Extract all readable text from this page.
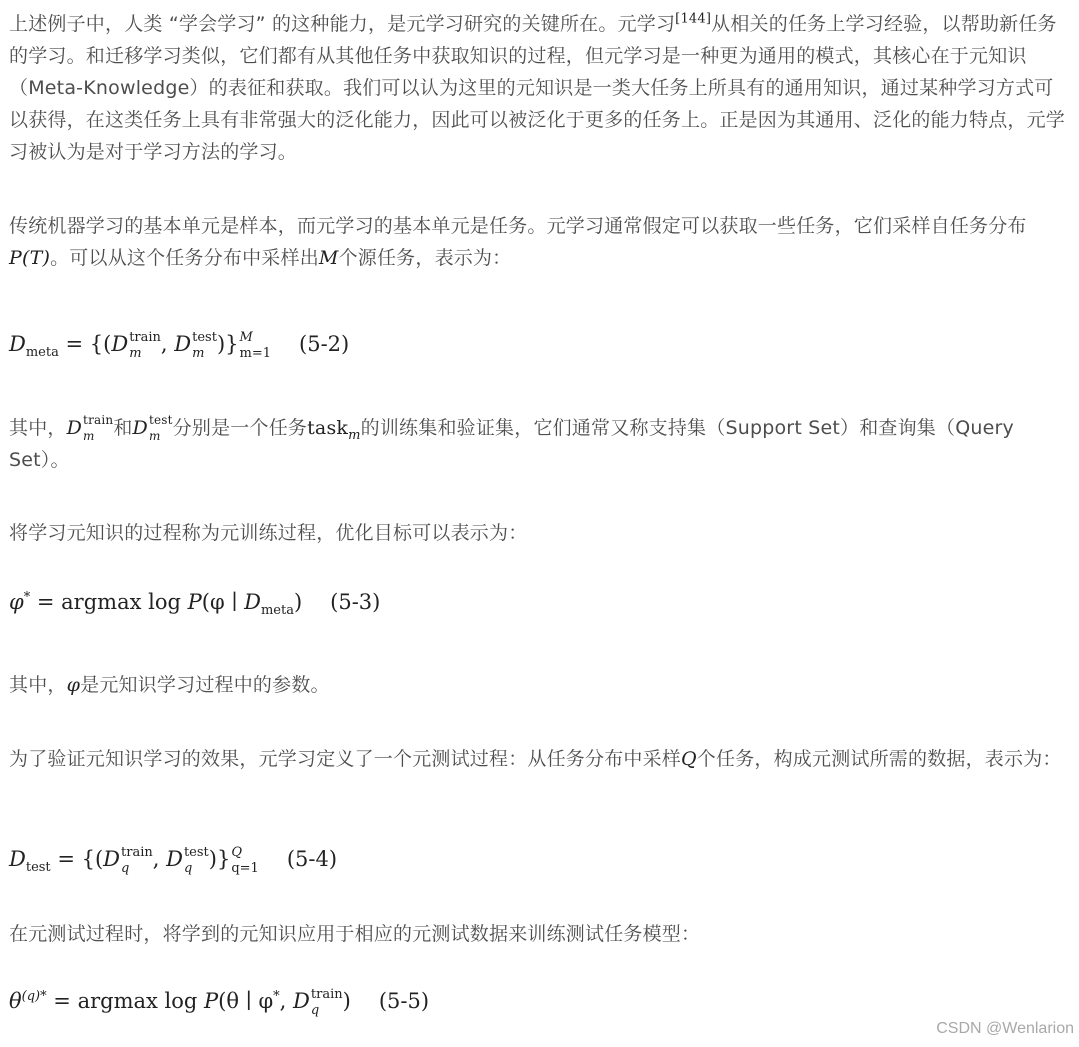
上述例子中，人类 “学会学习” 的这种能力，是元学习研究的关键所在。元学习[144]从相关的任务上学习经验，以帮助新任务的学习。和迁移学习类似，它们都有从其他任务中获取知识的过程，但元学习是一种更为通用的模式，其核心在于元知识（Meta-Knowledge）的表征和获取。我们可以认为这里的元知识是一类大任务上所具有的通用知识，通过某种学习方式可以获得，在这类任务上具有非常强大的泛化能力，因此可以被泛化于更多的任务上。正是因为其通用、泛化的能力特点，元学习被认为是对于学习方法的学习。

传统机器学习的基本单元是样本，而元学习的基本单元是任务。元学习通常假定可以获取一些任务，它们采样自任务分布P(T)。可以从这个任务分布中采样出M个源任务，表示为：

$D_{meta} = \{(D$ train
m , D test
m )} M
m=1 (5-2)

其中，D train
m 和D test
m 分别是一个任务task$_m$的训练集和验证集，它们通常又称支持集（Support Set）和查询集（Query Set）。

将学习元知识的过程称为元训练过程，优化目标可以表示为：

φ* = argmax log P(φ ∣ $D_{meta}$) (5-3)

其中，φ是元知识学习过程中的参数。

为了验证元知识学习的效果，元学习定义了一个元测试过程：从任务分布中采样Q个任务，构成元测试所需的数据，表示为：

$D_{test} = \{(D$ train
q	, D test
q )} Q
q=1 (5-4)

在元测试过程时，将学到的元知识应用于相应的元测试数据来训练测试任务模型：

$\theta^{(q)*} = argmax$ log P(θ ∣ φ*, D train
q	) (5-5)
CSDN @Wenlarion
